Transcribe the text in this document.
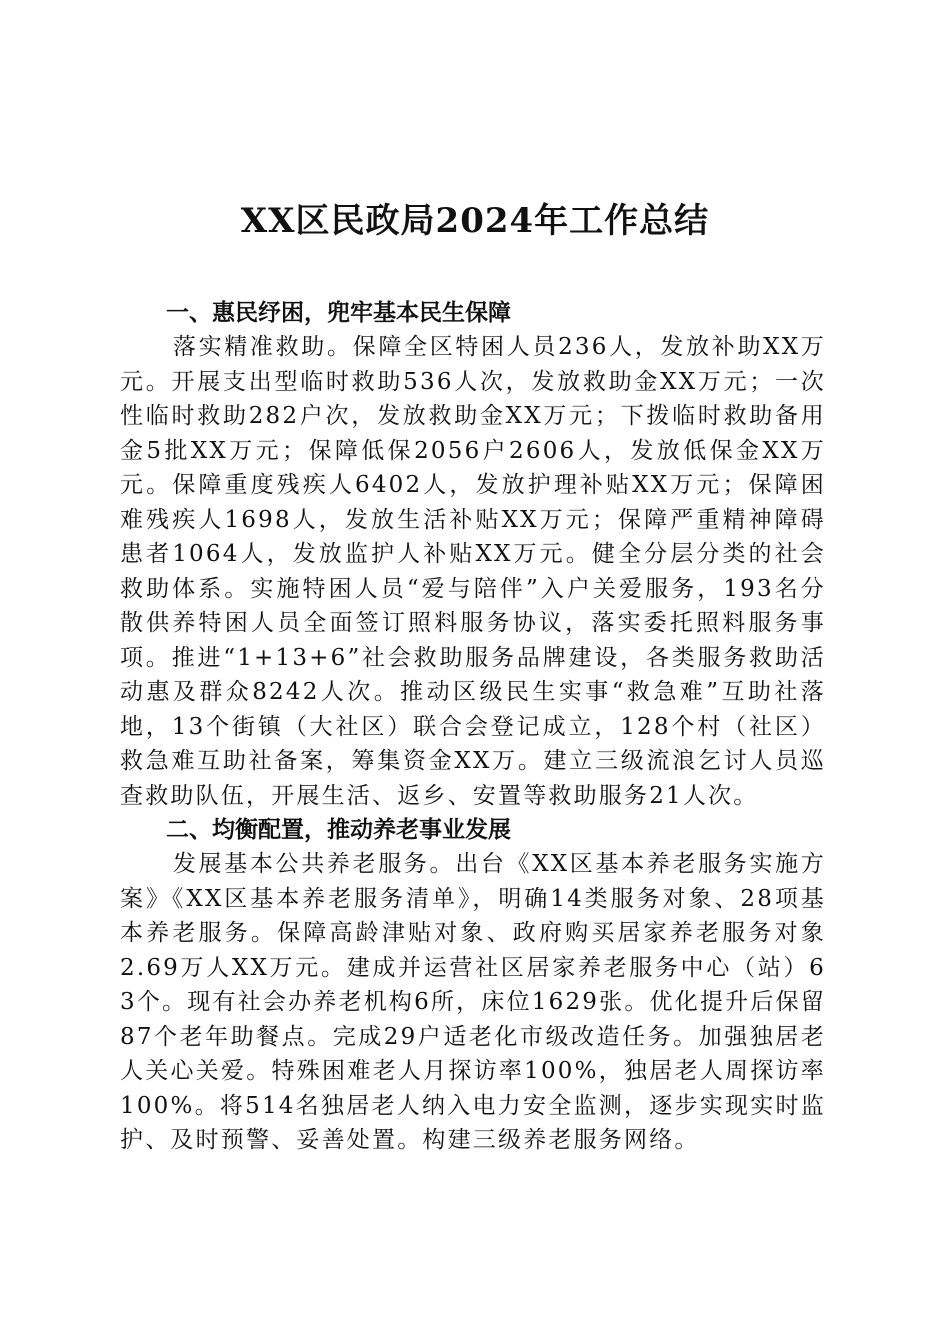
XX区民政局2024年工作总结
一、惠民纾困，兜牢基本民生保障

落实精准救助。保障全区特困人员236人，发放补助XX万元。开展支出型临时救助536人次，发放救助金XX万元；一次性临时救助282户次，发放救助金XX万元；下拨临时救助备用金5批XX万元；保障低保2056户2606人，发放低保金XX万元。保障重度残疾人6402人，发放护理补贴XX万元；保障困难残疾人1698人，发放生活补贴XX万元；保障严重精神障碍患者1064人，发放监护人补贴XX万元。健全分层分类的社会救助体系。实施特困人员“爱与陪伴”入户关爱服务，193名分散供养特困人员全面签订照料服务协议，落实委托照料服务事项。推进“1+13+6”社会救助服务品牌建设，各类服务救助活动惠及群众8242人次。推动区级民生实事“救急难”互助社落地，13个街镇（大社区）联合会登记成立，128个村（社区）救急难互助社备案，筹集资金XX万。建立三级流浪乞讨人员巡查救助队伍，开展生活、返乡、安置等救助服务21人次。

二、均衡配置，推动养老事业发展

发展基本公共养老服务。出台《XX区基本养老服务实施方案》《XX区基本养老服务清单》，明确14类服务对象、28项基本养老服务。保障高龄津贴对象、政府购买居家养老服务对象2.69万人XX万元。建成并运营社区居家养老服务中心（站）63个。现有社会办养老机构6所，床位1629张。优化提升后保留87个老年助餐点。完成29户适老化市级改造任务。加强独居老人关心关爱。特殊困难老人月探访率100%，独居老人周探访率100%。将514名独居老人纳入电力安全监测，逐步实现实时监护、及时预警、妥善处置。构建三级养老服务网络。
